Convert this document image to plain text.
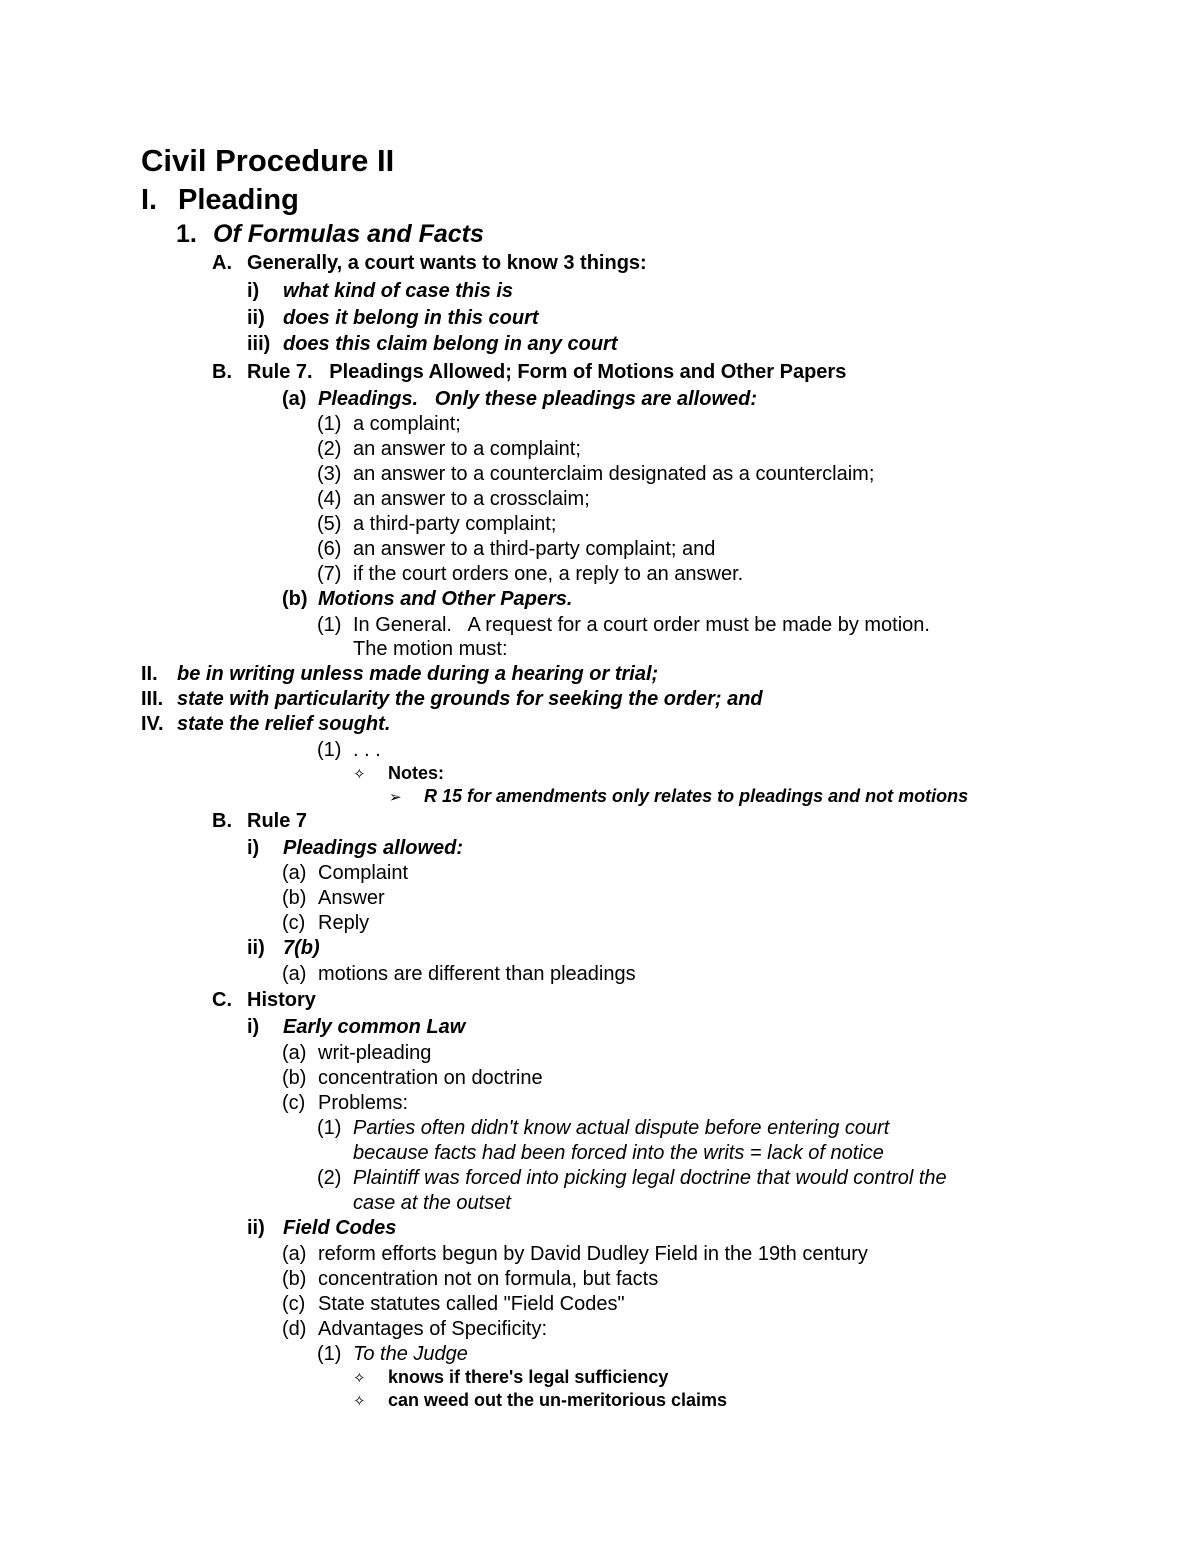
Civil Procedure II
I. Pleading
1. Of Formulas and Facts
A. Generally, a court wants to know 3 things:
i) what kind of case this is
ii) does it belong in this court
iii) does this claim belong in any court
B. Rule 7.   Pleadings Allowed; Form of Motions and Other Papers
(a) Pleadings.   Only these pleadings are allowed:
(1) a complaint;
(2) an answer to a complaint;
(3) an answer to a counterclaim designated as a counterclaim;
(4) an answer to a crossclaim;
(5) a third-party complaint;
(6) an answer to a third-party complaint; and
(7) if the court orders one, a reply to an answer.
(b) Motions and Other Papers.
(1) In General.   A request for a court order must be made by motion.
The motion must:
II. be in writing unless made during a hearing or trial;
III. state with particularity the grounds for seeking the order; and
IV. state the relief sought.
(1) . . .
✧ Notes:
➢ R 15 for amendments only relates to pleadings and not motions
B. Rule 7
i) Pleadings allowed:
(a) Complaint
(b) Answer
(c) Reply
ii) 7(b)
(a) motions are different than pleadings
C. History
i) Early common Law
(a) writ-pleading
(b) concentration on doctrine
(c) Problems:
(1) Parties often didn't know actual dispute before entering court
because facts had been forced into the writs = lack of notice
(2) Plaintiff was forced into picking legal doctrine that would control the
case at the outset
ii) Field Codes
(a) reform efforts begun by David Dudley Field in the 19th century
(b) concentration not on formula, but facts
(c) State statutes called "Field Codes"
(d) Advantages of Specificity:
(1) To the Judge
✧ knows if there's legal sufficiency
✧ can weed out the un-meritorious claims
